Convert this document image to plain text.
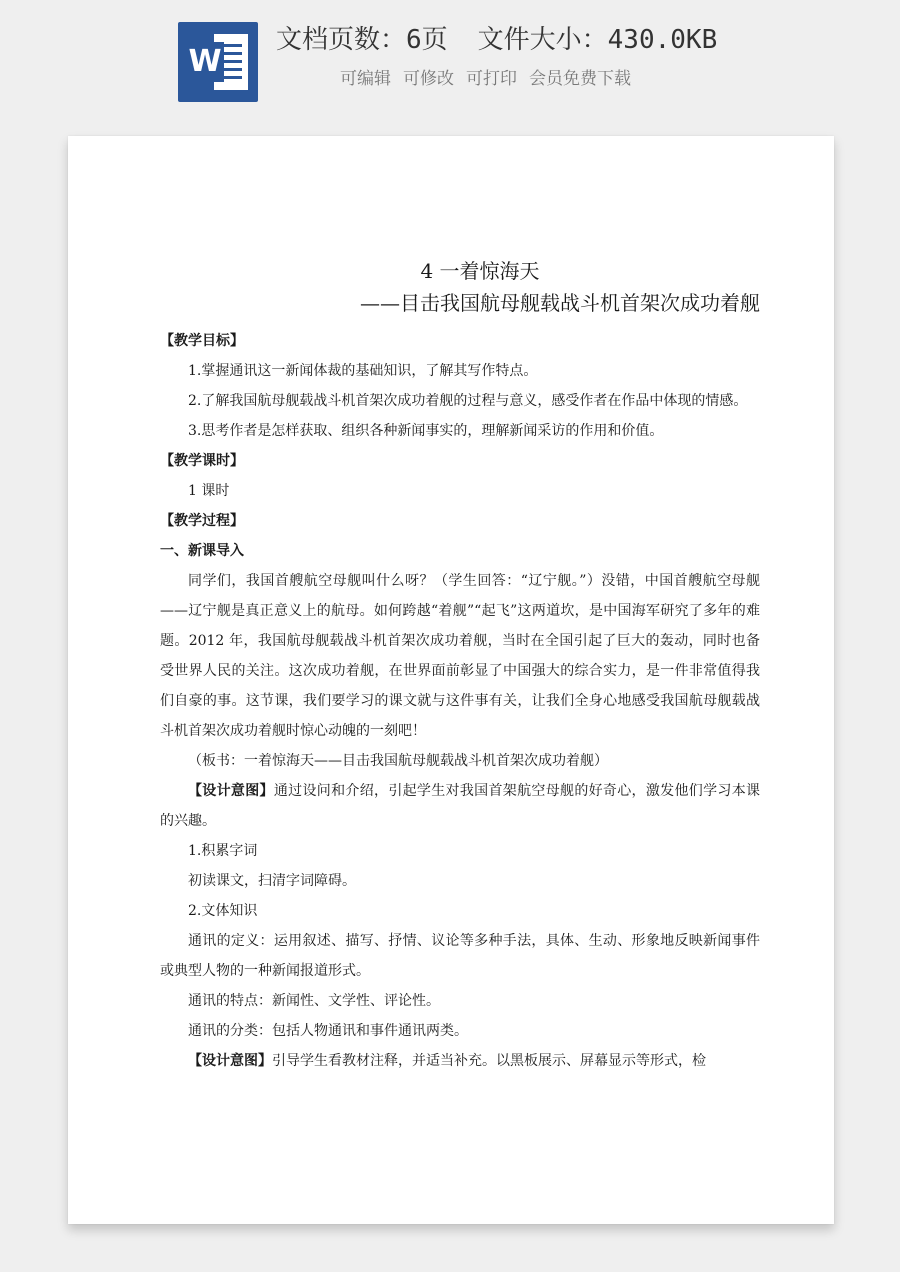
W
文档页数：6页 文件大小：430.0KB
可编辑 可修改 可打印 会员免费下载
4 一着惊海天
——目击我国航母舰载战斗机首架次成功着舰

【教学目标】

1.掌握通讯这一新闻体裁的基础知识，了解其写作特点。

2.了解我国航母舰载战斗机首架次成功着舰的过程与意义，感受作者在作品中体现的情感。

3.思考作者是怎样获取、组织各种新闻事实的，理解新闻采访的作用和价值。

【教学课时】

1 课时

【教学过程】

一、新课导入

同学们，我国首艘航空母舰叫什么呀？（学生回答：“辽宁舰。”）没错，中国首艘航空母舰——辽宁舰是真正意义上的航母。如何跨越“着舰”“起飞”这两道坎，是中国海军研究了多年的难题。2012 年，我国航母舰载战斗机首架次成功着舰，当时在全国引起了巨大的轰动，同时也备受世界人民的关注。这次成功着舰，在世界面前彰显了中国强大的综合实力，是一件非常值得我们自豪的事。这节课，我们要学习的课文就与这件事有关，让我们全身心地感受我国航母舰载战斗机首架次成功着舰时惊心动魄的一刻吧！

（板书：一着惊海天——目击我国航母舰载战斗机首架次成功着舰）

【设计意图】通过设问和介绍，引起学生对我国首架航空母舰的好奇心，激发他们学习本课的兴趣。

1.积累字词

初读课文，扫清字词障碍。

2.文体知识

通讯的定义：运用叙述、描写、抒情、议论等多种手法，具体、生动、形象地反映新闻事件或典型人物的一种新闻报道形式。

通讯的特点：新闻性、文学性、评论性。

通讯的分类：包括人物通讯和事件通讯两类。

【设计意图】引导学生看教材注释，并适当补充。以黑板展示、屏幕显示等形式，检
